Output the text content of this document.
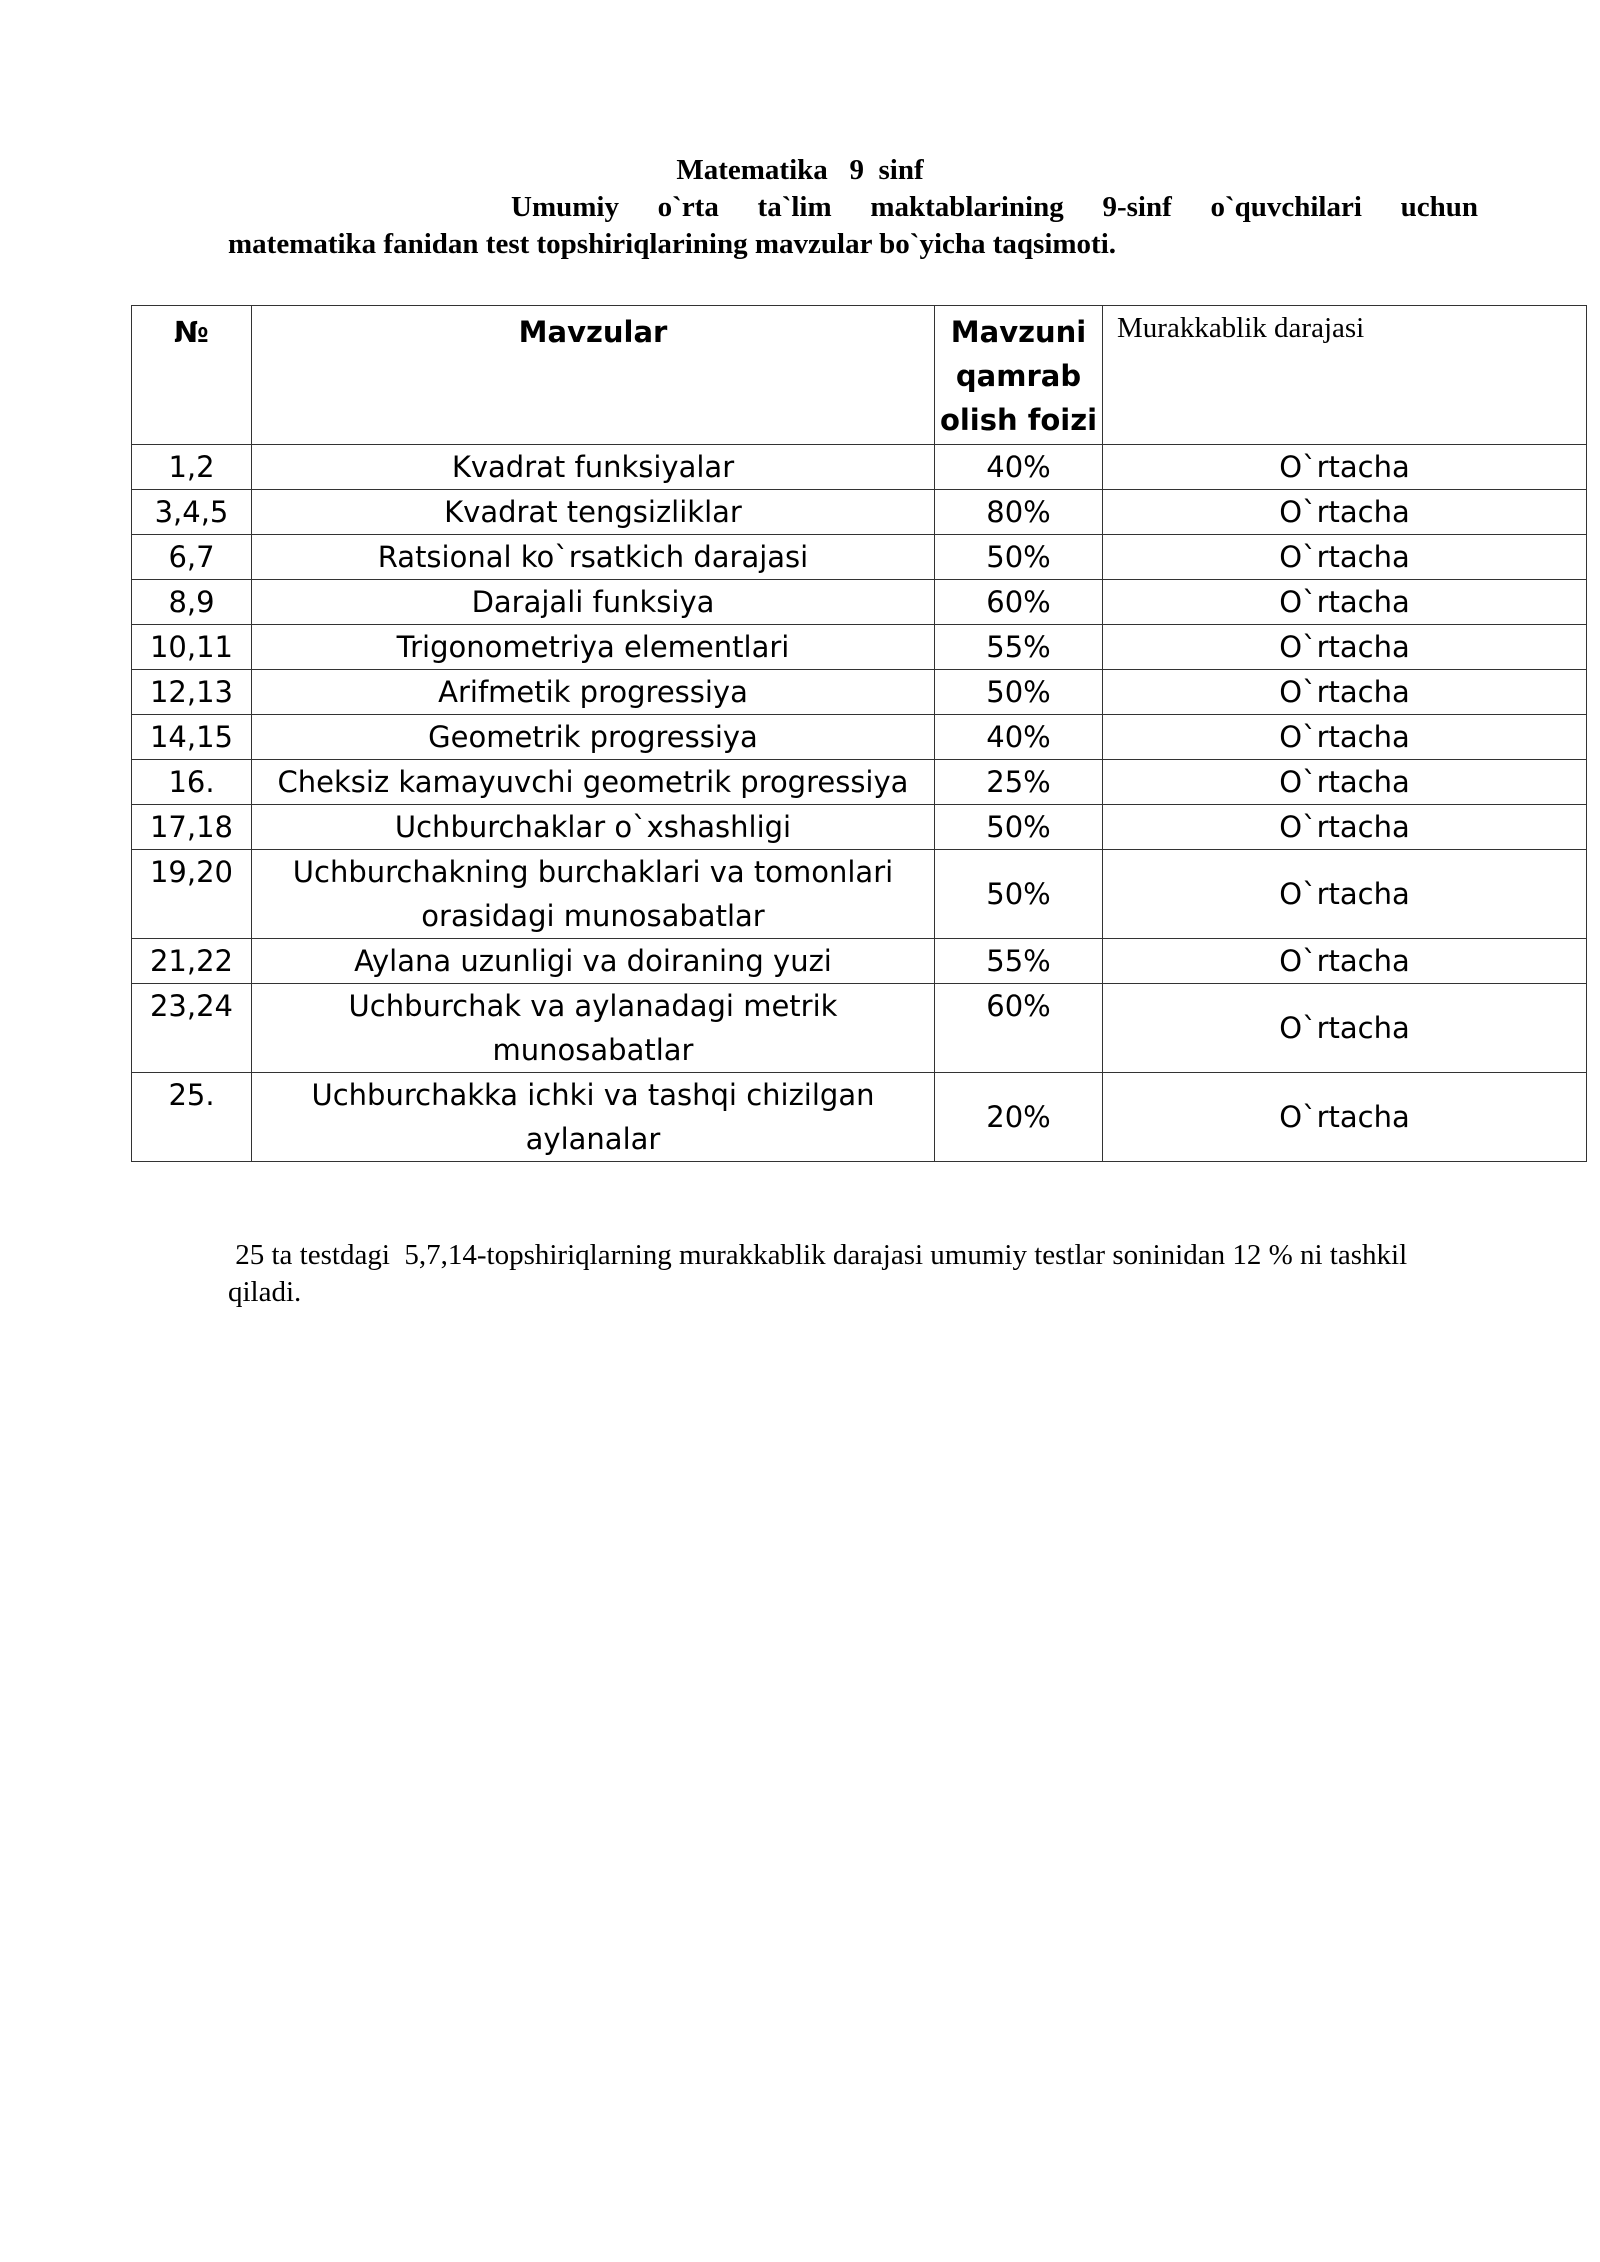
Matematika   9  sinf
Umumiy o`rta ta`lim maktablarining 9-sinf o`quvchilari uchun
matematika fanidan test topshiriqlarining mavzular bo`yicha taqsimoti.
№	Mavzular	Mavzuni qamrab olish foizi	Murakkablik darajasi
1,2	Kvadrat funksiyalar	40%	O`rtacha
3,4,5	Kvadrat tengsizliklar	80%	O`rtacha
6,7	Ratsional ko`rsatkich darajasi	50%	O`rtacha
8,9	Darajali funksiya	60%	O`rtacha
10,11	Trigonometriya elementlari	55%	O`rtacha
12,13	Arifmetik progressiya	50%	O`rtacha
14,15	Geometrik progressiya	40%	O`rtacha
16.	Cheksiz kamayuvchi geometrik progressiya	25%	O`rtacha
17,18	Uchburchaklar o`xshashligi	50%	O`rtacha
19,20	Uchburchakning burchaklari va tomonlari orasidagi munosabatlar	50%	O`rtacha
21,22	Aylana uzunligi va doiraning yuzi	55%	O`rtacha
23,24	Uchburchak va aylanadagi metrik munosabatlar	60%	O`rtacha
25.	Uchburchakka ichki va tashqi chizilgan aylanalar	20%	O`rtacha
25 ta testdagi  5,7,14-topshiriqlarning murakkablik darajasi umumiy testlar soninidan 12 % ni tashkil qiladi.
